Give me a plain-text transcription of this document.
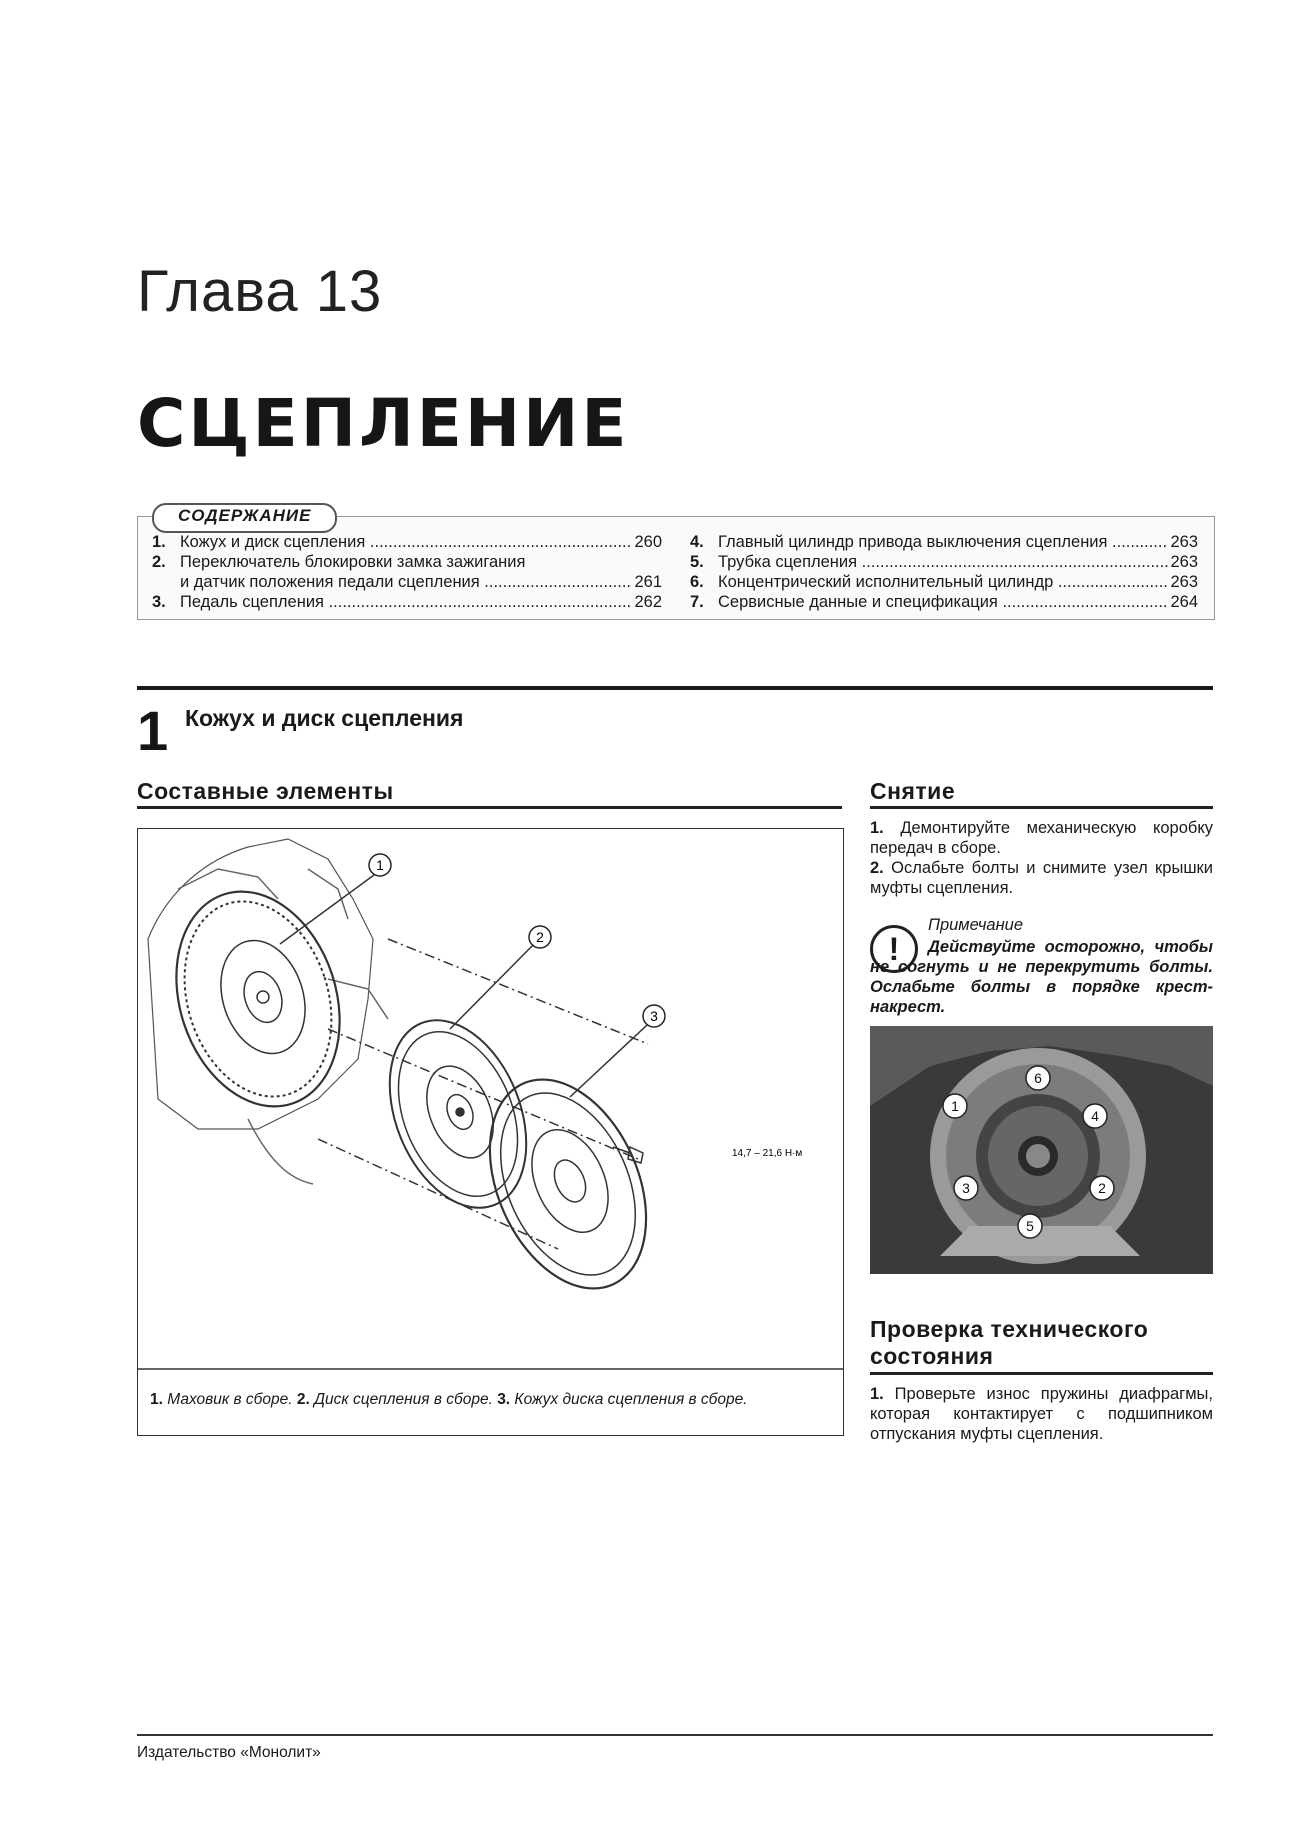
Глава 13
СЦЕПЛЕНИЕ
СОДЕРЖАНИЕ
1. Кожух и диск сцепления .....	260
2. Переключатель блокировки замка зажигания
и датчик положения педали сцепления .....	261
3. Педаль сцепления .....	262
4. Главный цилиндр привода выключения сцепления .....	263
5. Трубка сцепления .....	263
6. Концентрический исполнительный цилиндр .....	263
7. Сервисные данные и спецификация .....	264
1 Кожух и диск сцепления
Составные элементы
1
2
3
14,7 – 21,6 Н·м
1. Маховик в сборе. 2. Диск сцепления в сборе. 3. Кожух диска сцепления в сборе.
Снятие
1. Демонтируйте механическую коробку передач в сборе.
2. Ослабьте болты и снимите узел крышки муфты сцепления.
!
Примечание
Действуйте осторожно, чтобы не согнуть и не перекрутить болты. Ослабьте болты в порядке крест-накрест.
1
2
3
4
5
6
Проверка технического
состояния
1. Проверьте износ пружины диафрагмы, которая контактирует с подшипником отпускания муфты сцепления.
Издательство «Монолит»
